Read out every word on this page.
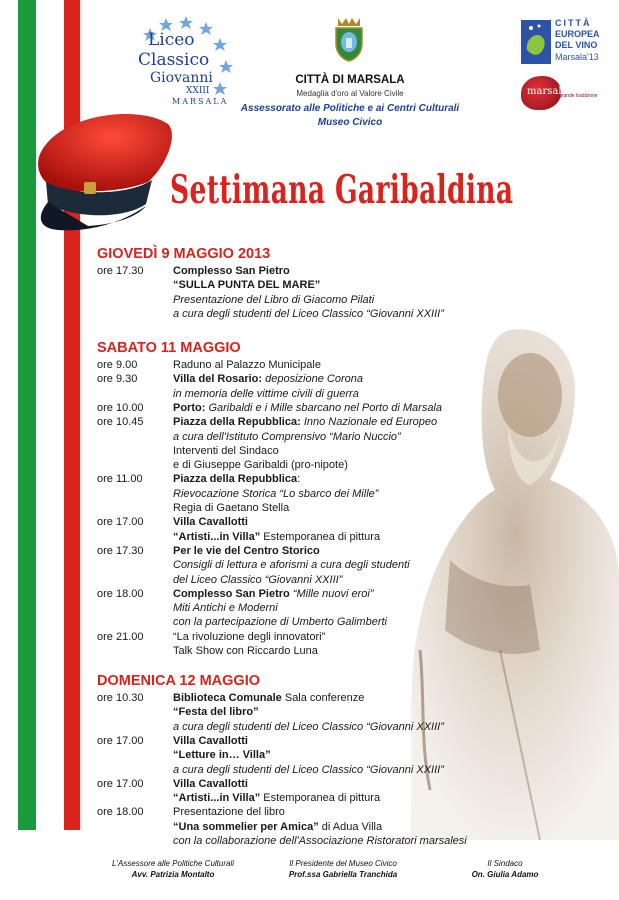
Liceo
Classico
Giovanni
XXIII
MARSALA
CITTÀ DI MARSALA
Medaglia d'oro al Valore Civile
Assessorato alle Politiche e ai Centri Culturali
Museo Civico
CITTÀ
EUROPEA
DEL VINO
Marsala'13
marsala
grande tradizione
Settimana Garibaldina
GIOVEDÌ 9 MAGGIO 2013
ore 17.30	Complesso San Pietro
“SULLA PUNTA DEL MARE”
Presentazione del Libro di Giacomo Pilati
a cura degli studenti del Liceo Classico “Giovanni XXIII”
SABATO 11 MAGGIO
ore 9.00	Raduno al Palazzo Municipale
ore 9.30	Villa del Rosario: deposizione Corona
in memoria delle vittime civili di guerra
ore 10.00	Porto: Garibaldi e i Mille sbarcano nel Porto di Marsala
ore 10.45	Piazza della Repubblica: Inno Nazionale ed Europeo
a cura dell'Istituto Comprensivo “Mario Nuccio”
Interventi del Sindaco
e di Giuseppe Garibaldi (pro-nipote)
ore 11.00	Piazza della Repubblica:
Rievocazione Storica “Lo sbarco dei Mille”
Regia di Gaetano Stella
ore 17.00	Villa Cavallotti
“Artisti...in Villa” Estemporanea di pittura
ore 17.30	Per le vie del Centro Storico
Consigli di lettura e aforismi a cura degli studenti
del Liceo Classico “Giovanni XXIII”
ore 18.00	Complesso San Pietro “Mille nuovi eroi”
Miti Antichi e Moderni
con la partecipazione di Umberto Galimberti
ore 21.00	“La rivoluzione degli innovatori”
Talk Show con Riccardo Luna
DOMENICA 12 MAGGIO
ore 10.30	Biblioteca Comunale Sala conferenze
“Festa del libro”
a cura degli studenti del Liceo Classico “Giovanni XXIII”
ore 17.00	Villa Cavallotti
“Letture in… Villa”
a cura degli studenti del Liceo Classico “Giovanni XXIII”
ore 17.00	Villa Cavallotti
“Artisti...in Villa” Estemporanea di pittura
ore 18.00	Presentazione del libro
“Una sommelier per Amica” di Adua Villa
con la collaborazione dell'Associazione Ristoratori marsalesi
L'Assessore alle Politiche Culturali
Avv. Patrizia Montalto
Il Presidente del Museo Civico
Prof.ssa Gabriella Tranchida
Il Sindaco
On. Giulia Adamo
